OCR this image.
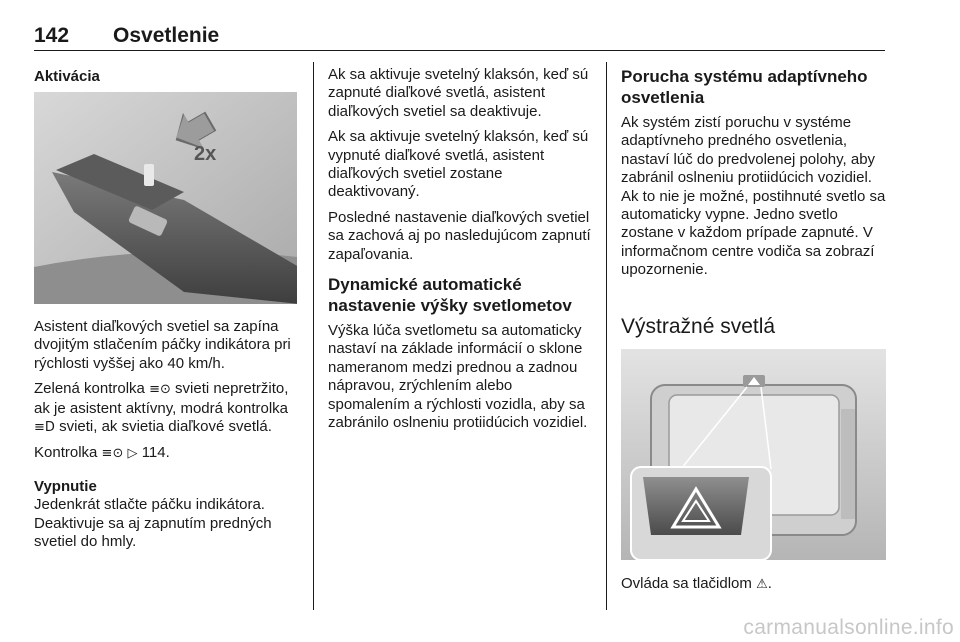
142 Osvetlenie
Aktivácia
2x

Asistent diaľkových svetiel sa zapína dvojitým stlačením páčky indikátora pri rýchlosti vyššej ako 40 km/h.

Zelená kontrolka ≡⊙ svieti nepretržito, ak je asistent aktívny, modrá kontrolka ≡D svieti, ak svietia diaľkové svetlá.

Kontrolka ≡⊙ ▷ 114.

Vypnutie

Jedenkrát stlačte páčku indikátora. Deaktivuje sa aj zapnutím predných svetiel do hmly.

Ak sa aktivuje svetelný klaksón, keď sú zapnuté diaľkové svetlá, asistent diaľkových svetiel sa deaktivuje.

Ak sa aktivuje svetelný klaksón, keď sú vypnuté diaľkové svetlá, asistent diaľkových svetiel zostane deaktivovaný.

Posledné nastavenie diaľkových svetiel sa zachová aj po nasledujúcom zapnutí zapaľovania.

Dynamické automatické nastavenie výšky svetlometov

Výška lúča svetlometu sa automaticky nastaví na základe informácií o sklone nameranom medzi prednou a zadnou nápravou, zrýchlením alebo spomalením a rýchlosti vozidla, aby sa zabránilo oslneniu protiidúcich vozidiel.

Porucha systému adaptívneho osvetlenia

Ak systém zistí poruchu v systéme adaptívneho predného osvetlenia, nastaví lúč do predvolenej polohy, aby zabránil oslneniu protiidúcich vozidiel. Ak to nie je možné, postihnuté svetlo sa automaticky vypne. Jedno svetlo zostane v každom prípade zapnuté. V informačnom centre vodiča sa zobrazí upozornenie.

Výstražné svetlá
Ovláda sa tlačidlom ⚠.
carmanualsonline.info
